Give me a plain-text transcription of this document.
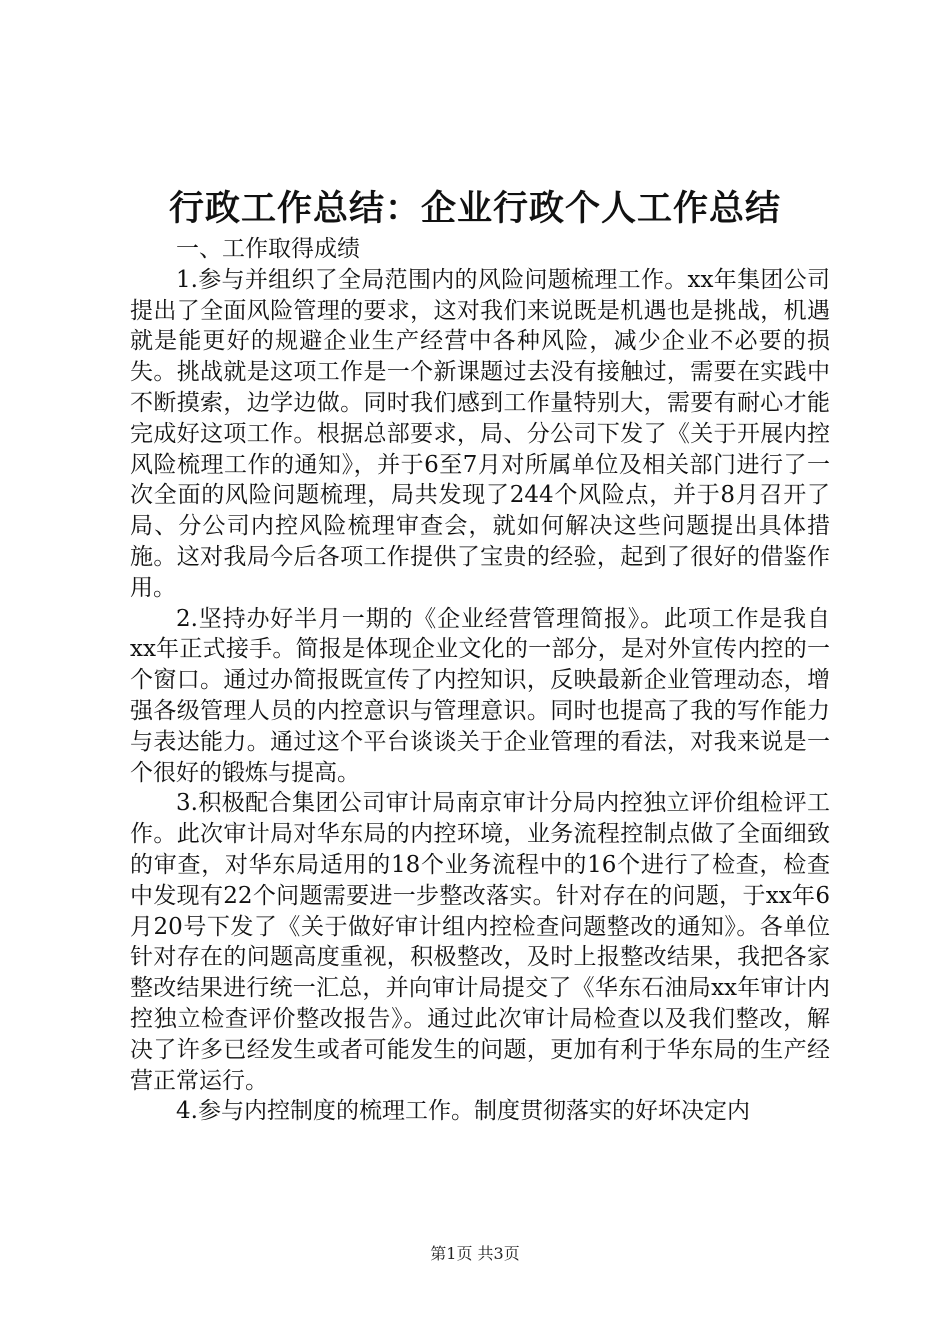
行政工作总结：企业行政个人工作总结

一、工作取得成绩

1.参与并组织了全局范围内的风险问题梳理工作。xx年集团公司提出了全面风险管理的要求，这对我们来说既是机遇也是挑战，机遇就是能更好的规避企业生产经营中各种风险，减少企业不必要的损失。挑战就是这项工作是一个新课题过去没有接触过，需要在实践中不断摸索，边学边做。同时我们感到工作量特别大，需要有耐心才能完成好这项工作。根据总部要求，局、分公司下发了《关于开展内控风险梳理工作的通知》，并于6至7月对所属单位及相关部门进行了一次全面的风险问题梳理，局共发现了244个风险点，并于8月召开了局、分公司内控风险梳理审查会，就如何解决这些问题提出具体措施。这对我局今后各项工作提供了宝贵的经验，起到了很好的借鉴作用。

2.坚持办好半月一期的《企业经营管理简报》。此项工作是我自xx年正式接手。简报是体现企业文化的一部分，是对外宣传内控的一个窗口。通过办简报既宣传了内控知识，反映最新企业管理动态，增强各级管理人员的内控意识与管理意识。同时也提高了我的写作能力与表达能力。通过这个平台谈谈关于企业管理的看法，对我来说是一个很好的锻炼与提高。

3.积极配合集团公司审计局南京审计分局内控独立评价组检评工作。此次审计局对华东局的内控环境，业务流程控制点做了全面细致的审查，对华东局适用的18个业务流程中的16个进行了检查，检查中发现有22个问题需要进一步整改落实。针对存在的问题，于xx年6月20号下发了《关于做好审计组内控检查问题整改的通知》。各单位针对存在的问题高度重视，积极整改，及时上报整改结果，我把各家整改结果进行统一汇总，并向审计局提交了《华东石油局xx年审计内控独立检查评价整改报告》。通过此次审计局检查以及我们整改，解决了许多已经发生或者可能发生的问题，更加有利于华东局的生产经营正常运行。

4.参与内控制度的梳理工作。制度贯彻落实的好坏决定内

第1页 共3页
